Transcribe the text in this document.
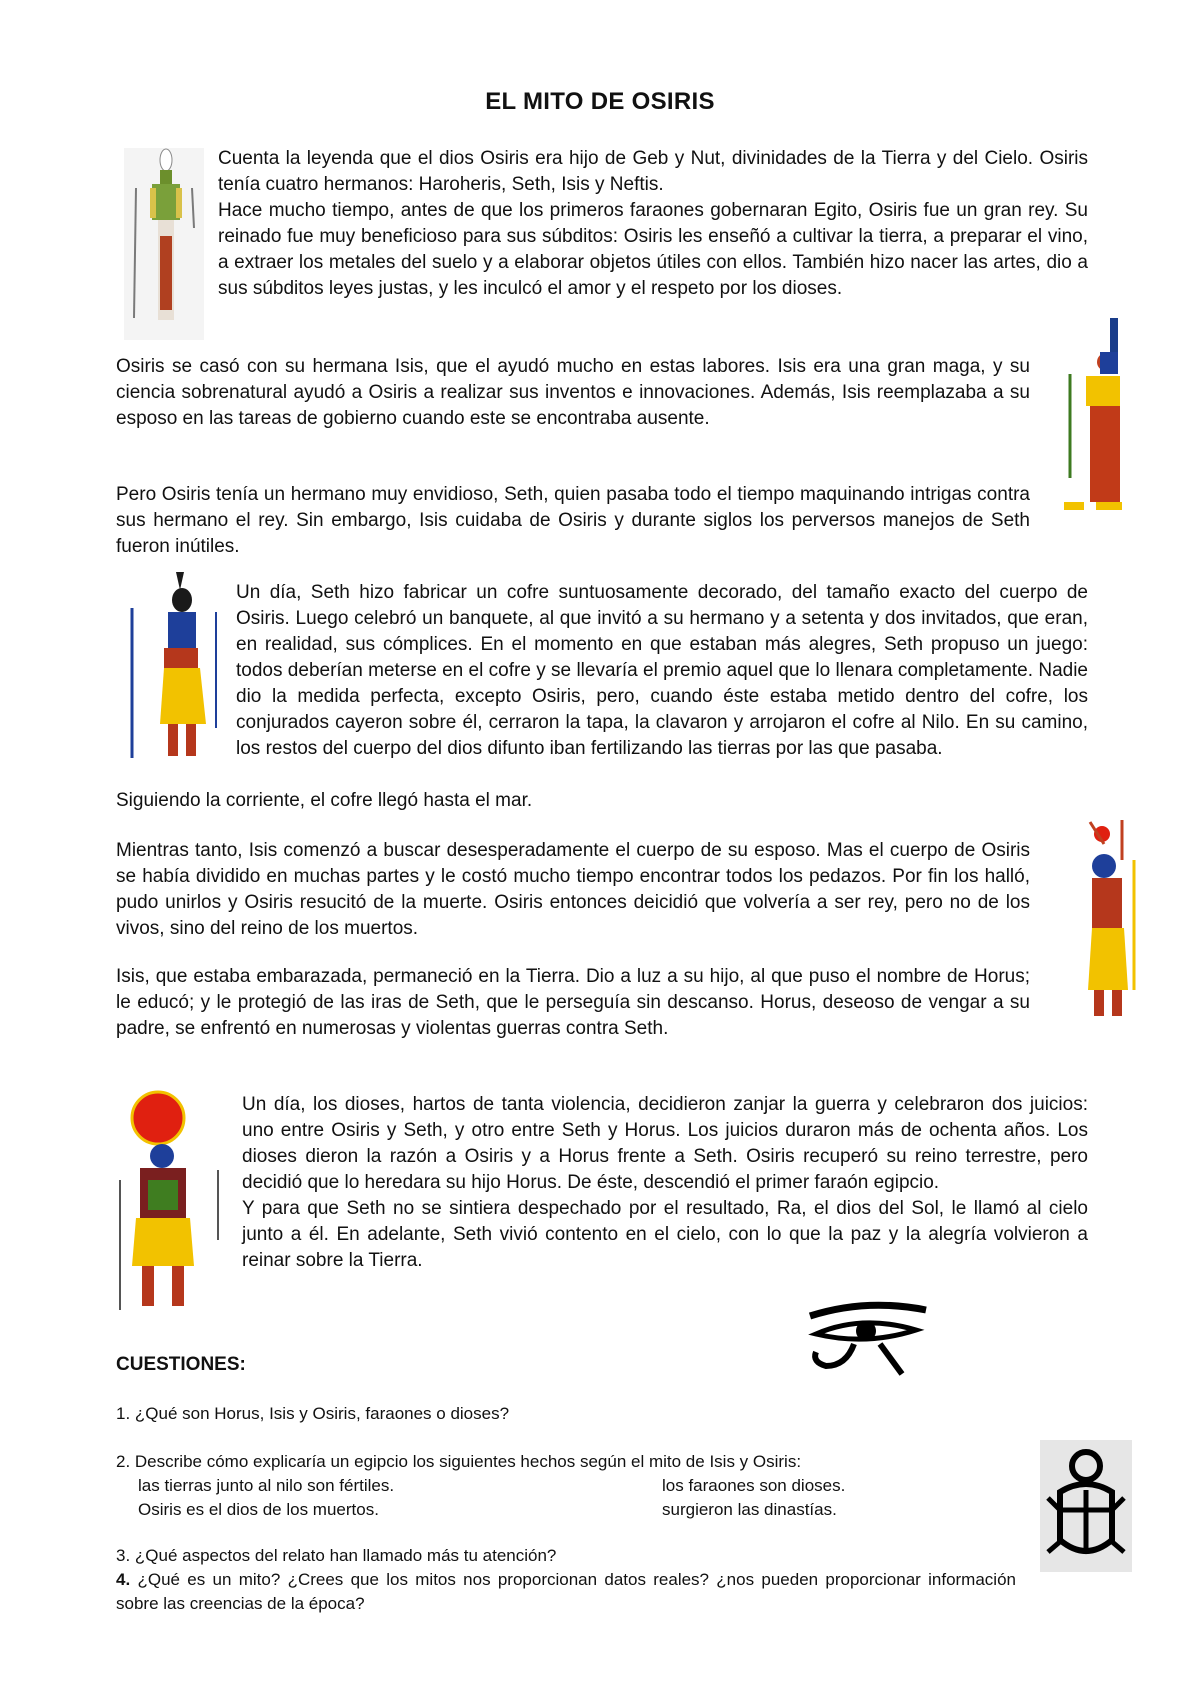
EL MITO DE OSIRIS

Cuenta la leyenda que el dios Osiris era hijo de Geb y Nut, divinidades de la Tierra y del Cielo. Osiris tenía cuatro hermanos: Haroheris, Seth, Isis y Neftis.

Hace mucho tiempo, antes de que los primeros faraones gobernaran Egito, Osiris fue un gran rey. Su reinado fue muy beneficioso para sus súbditos: Osiris les enseñó a cultivar la tierra, a preparar el vino, a extraer los metales del suelo y a elaborar objetos útiles con ellos. También hizo nacer las artes, dio a sus súbditos leyes justas, y les inculcó el amor y el respeto por los dioses.

Osiris se casó con su hermana Isis, que el ayudó mucho en estas labores. Isis era una gran maga, y su ciencia sobrenatural ayudó a Osiris a realizar sus inventos e innovaciones. Además, Isis reemplazaba a su esposo en las tareas de gobierno cuando este se encontraba ausente.
Pero Osiris tenía un hermano muy envidioso, Seth, quien pasaba todo el tiempo maquinando intrigas contra sus hermano el rey. Sin embargo, Isis cuidaba de Osiris y durante siglos los perversos manejos de Seth fueron inútiles.
Un día, Seth hizo fabricar un cofre suntuosamente decorado, del tamaño exacto del cuerpo de Osiris. Luego celebró un banquete, al que invitó a su hermano y a setenta y dos invitados, que eran, en realidad, sus cómplices. En el momento en que estaban más alegres, Seth propuso un juego: todos deberían meterse en el cofre y se llevaría el premio aquel que lo llenara completamente. Nadie dio la medida perfecta, excepto Osiris, pero, cuando éste estaba metido dentro del cofre, los conjurados cayeron sobre él, cerraron la tapa, la clavaron y arrojaron el cofre al Nilo. En su camino, los restos del cuerpo del dios difunto iban fertilizando las tierras por las que pasaba.
Siguiendo la corriente, el cofre llegó hasta el mar.
Mientras tanto, Isis comenzó a buscar desesperadamente el cuerpo de su esposo. Mas el cuerpo de Osiris se había dividido en muchas partes y le costó mucho tiempo encontrar todos los pedazos. Por fin los halló, pudo unirlos y Osiris resucitó de la muerte. Osiris entonces deicidió que volvería a ser rey, pero no de los vivos, sino del reino de los muertos.
Isis, que estaba embarazada, permaneció en la Tierra. Dio a luz a su hijo, al que puso el nombre de Horus; le educó; y le protegió de las iras de Seth, que le perseguía sin descanso. Horus, deseoso de vengar a su padre, se enfrentó en numerosas y violentas guerras contra Seth.

Un día, los dioses, hartos de tanta violencia, decidieron zanjar la guerra y celebraron dos juicios: uno entre Osiris y Seth, y otro entre Seth y Horus. Los juicios duraron más de ochenta años. Los dioses dieron la razón a Osiris y a Horus frente a Seth. Osiris recuperó su reino terrestre, pero decidió que lo heredara su hijo Horus. De éste, descendió el primer faraón egipcio.

Y para que Seth no se sintiera despechado por el resultado, Ra, el dios del Sol, le llamó al cielo junto a él. En adelante, Seth vivió contento en el cielo, con lo que la paz y la alegría volvieron a reinar sobre la Tierra.

CUESTIONES:
1. ¿Qué son Horus, Isis y Osiris, faraones o dioses?
2. Describe cómo explicaría un egipcio los siguientes hechos según el mito de Isis y Osiris:
las tierras junto al nilo son fértiles.	los faraones son dioses.
Osiris es el dios de los muertos.	surgieron las dinastías.
3. ¿Qué aspectos del relato han llamado más tu atención?
4. ¿Qué es un mito? ¿Crees que los mitos nos proporcionan datos reales? ¿nos pueden proporcionar información sobre las creencias de la época?
